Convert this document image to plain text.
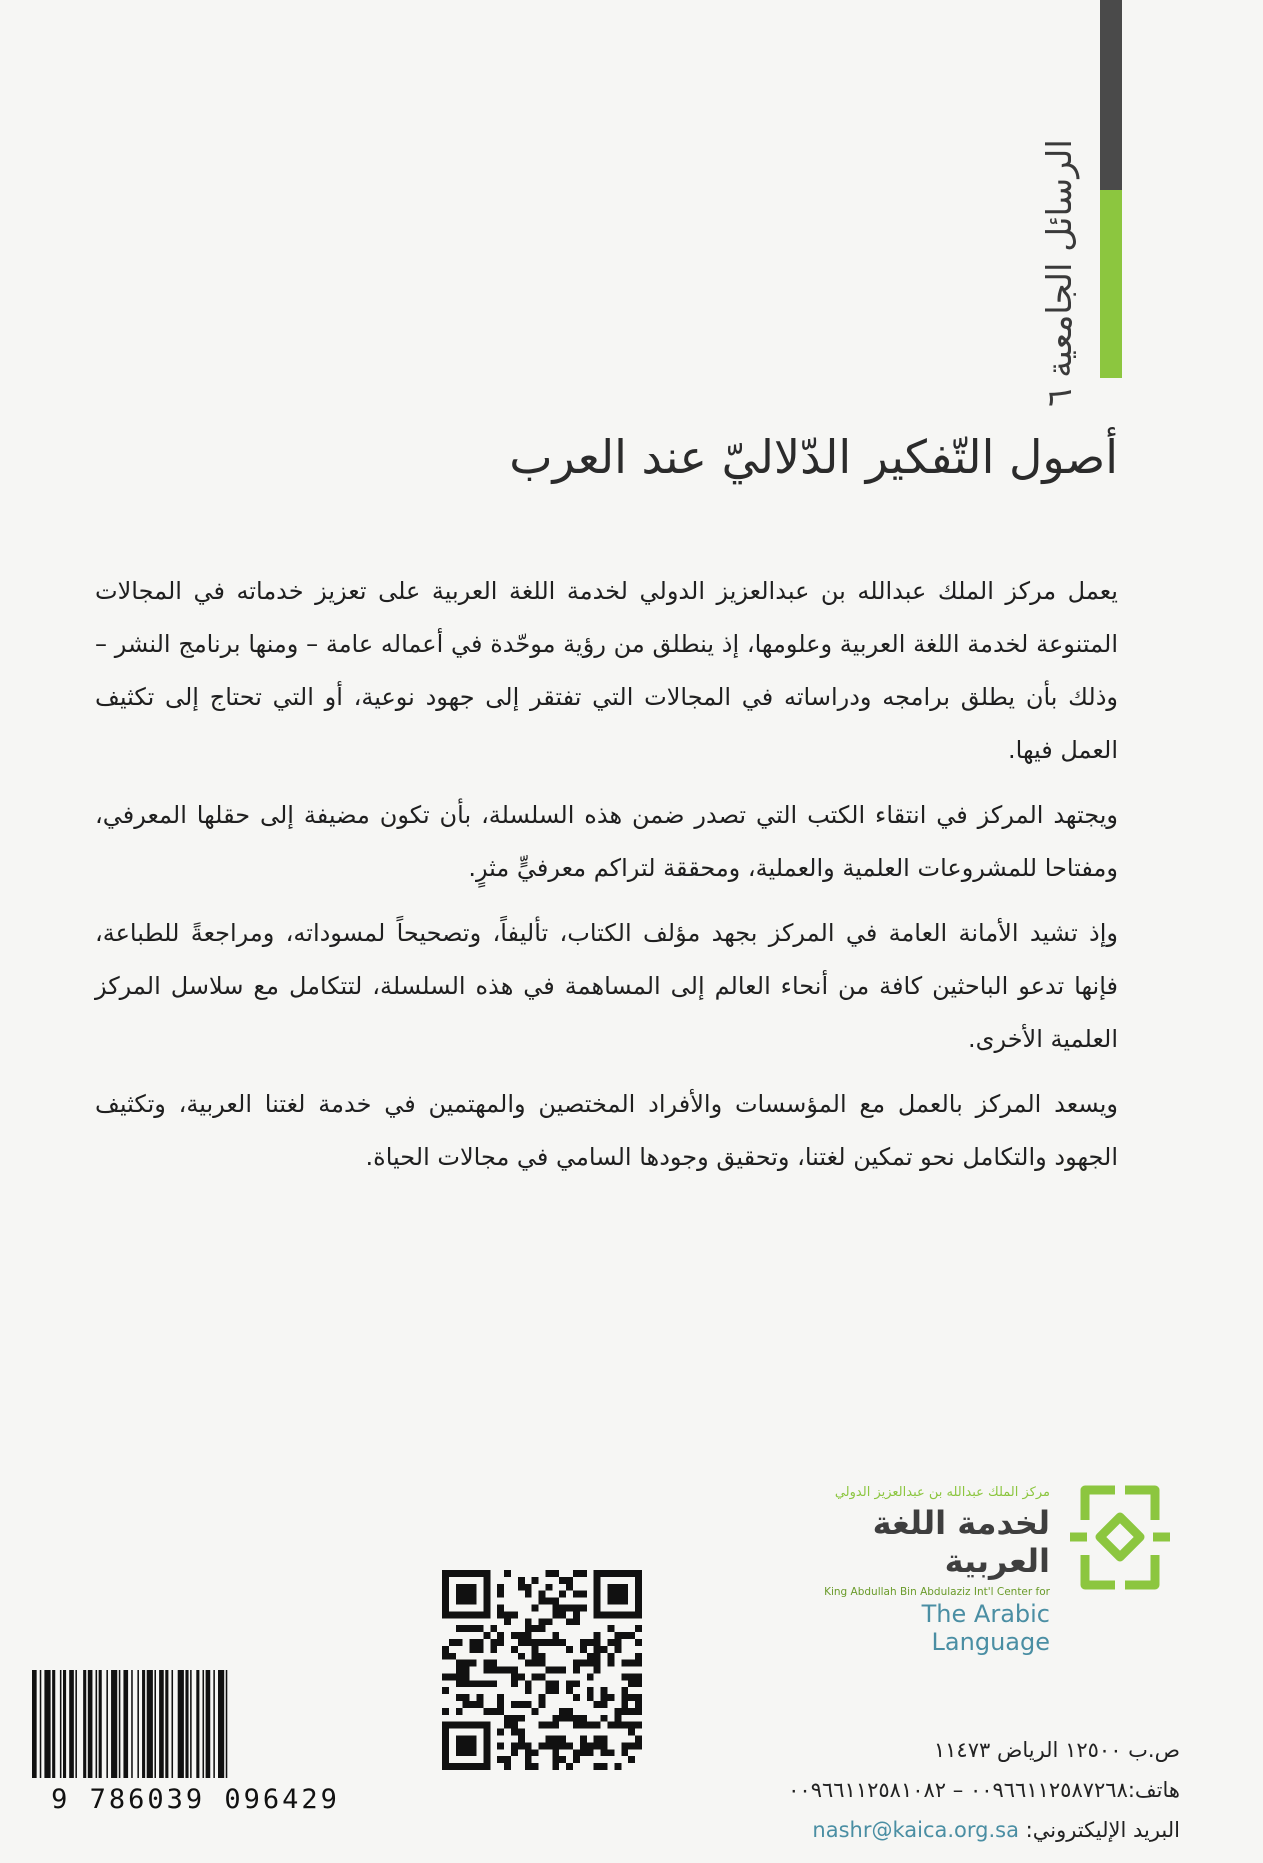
الرسائل الجامعية ٦
أصول التّفكير الدّلاليّ عند العرب

يعمل مركز الملك عبدالله بن عبدالعزيز الدولي لخدمة اللغة العربية على تعزيز خدماته في المجالات المتنوعة لخدمة اللغة العربية وعلومها، إذ ينطلق من رؤية موحّدة في أعماله عامة – ومنها برنامج النشر – وذلك بأن يطلق برامجه ودراساته في المجالات التي تفتقر إلى جهود نوعية، أو التي تحتاج إلى تكثيف العمل فيها.

ويجتهد المركز في انتقاء الكتب التي تصدر ضمن هذه السلسلة، بأن تكون مضيفة إلى حقلها المعرفي، ومفتاحا للمشروعات العلمية والعملية، ومحققة لتراكم معرفيٍّ مثرٍ.

وإذ تشيد الأمانة العامة في المركز بجهد مؤلف الكتاب، تأليفاً، وتصحيحاً لمسوداته، ومراجعةً للطباعة، فإنها تدعو الباحثين كافة من أنحاء العالم إلى المساهمة في هذه السلسلة، لتتكامل مع سلاسل المركز العلمية الأخرى.

ويسعد المركز بالعمل مع المؤسسات والأفراد المختصين والمهتمين في خدمة لغتنا العربية، وتكثيف الجهود والتكامل نحو تمكين لغتنا، وتحقيق وجودها السامي في مجالات الحياة.

مركز الملك عبدالله بن عبدالعزيز الدولي
لخدمة اللغة العربية
King Abdullah Bin Abdulaziz Int'l Center for
The Arabic Language
ص.ب ١٢٥٠٠ الرياض ١١٤٧٣
هاتف:٠٠٩٦٦١١٢٥٨٧٢٦٨ – ٠٠٩٦٦١١٢٥٨١٠٨٢
البريد الإليكتروني: nashr@kaica.org.sa
9 786039 096429
